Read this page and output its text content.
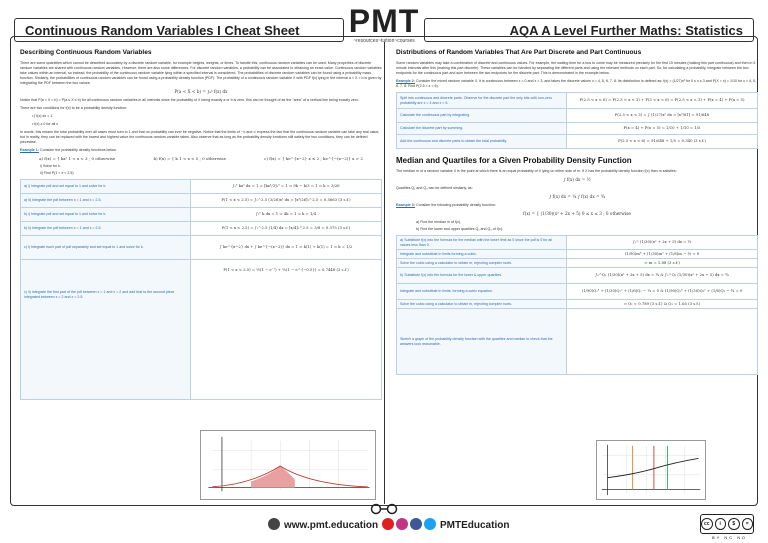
Continuous Random Variables I Cheat Sheet	AQA A Level Further Maths: Statistics
PMT
~resources~tuition~courses
Describing Continuous Random Variables

There are some quantities which cannot be described accurately by a discrete random variable, for example heights, weights, or times. To handle this, continuous random variables can be used. Many properties of discrete random variables are shared with continuous random variables. However, there are also some differences. For discrete random variables, a probability can be associated to obtaining an exact value. Continuous random variables take values within an interval, so instead, the probability of the continuous random variable lying within a specified interval is considered. The probabilities of discrete random variables can be found using a probability mass function. Similarly, the probabilities of continuous random variables can be found using a probability density function (PDF). The probability of a continuous random variable X with PDF f(x) lying in the interval a < X < b is given by integrating the PDF between the two values:

P(a < X < b) = ∫ₐᵇ f(x) dx

Notice that P(a < X < b) = P(a ≤ X ≤ b) for all continuous random variables in all intervals since the probability of X being exactly a or b is zero, this can be thought of as the "area" of a vertical line being exactly zero.

There are two conditions for f(x) to be a probability density function:

• ∫ f(x) dx = 1

• f(x) ≥ 0 for all x

In words, this means the total probability over all cases must sum to 1 and that no probability can ever be negative. Notice that the limits of −∞ and ∞ express the fact that the continuous random variable can take any real value, but in reality, they can be replaced with the lowest and highest value the continuous random variable takes. Also observe that as long as the probability density functions still satisfy the two conditions, they can be defined piecewise.

Example 1: Consider the probability density functions below.

a) f(x) = { kx² 1 < x < 3 ; 0 otherwise	b) f(x) = { k 1 < x < 5 ; 0 otherwise	c) f(x) = { ke^{x−2} x ≤ 2 ; ke^{−(x−2)} x > 2
i) Solve for k.
ii) Find P(1 < x < 2.5)
a) i) Integrate pdf and set equal to 1 and solve for k.	∫₁³ kx² dx = 1 ⇒ [kx³/3]₁³ = 1 ⇒ 9k − k/3 = 1 ⇒ k = 3/26
a) ii) Integrate the pdf between x = 1 and x = 2.5.	P(1 < x < 2.5) = ∫₁^2.5 (3/26)x² dx = [x³/26]₁^2.5 = 0.5663 (3 s.f.)
b) i) Integrate pdf and set equal to 1 and solve for k.	∫₁⁵ k dx = 1 ⇒ 4k = 1 ⇒ k = 1/4
b) ii) Integrate the pdf between x = 1 and x = 2.5.	P(1 < x < 2.5) = ∫₁^2.5 (1/4) dx = [x/4]₁^2.5 = 3/8 = 0.375 (3 s.f.)
c) i) Integrate each part of pdf separately and set equal to 1 and solve for k.	∫ ke^{x−2} dx + ∫ ke^{−(x−2)} dx = 1 ⇒ k(1) + k(1) = 1 ⇒ k = 1/2
c) ii) Integrate the first part of the pdf between x = 1 and x = 2 and add that to the second piece integrated between x = 2 and x = 2.5.	P(1 < x < 2.5) = ½(1 − e⁻¹) + ½(1 − e^{−0.5}) = 0.7448 (3 s.f.)
Distributions of Random Variables That Are Part Discrete and Part Continuous

Some random variables may take a combination of discrete and continuous values. For example, the waiting time for a bus to come may be measured precisely for the first 15 minutes (making this part continuous) and then in 5 minute intervals after this (making this part discrete). These variables can be handled by separating the different parts and using the relevant methods on each part. So, for calculating a probability, integrate between the two endpoints for the continuous part and sum between the two endpoints for the discrete part. This is demonstrated in the example below.

Example 2: Consider the mixed random variable X. It is continuous between x = 0 and x = 3, and takes the discrete values x = 4, 5, 6, 7, 8. Its distribution is defined as: f(x) = (1/27)x² for 0 ≤ x ≤ 3 and P(X = x) = 1/10 for x = 4, 5, 6, 7, 8. Find P(2.5 < x < 6).

Split into continuous and discrete parts. Observe for the discrete part the only bits with non-zero probability are x = 4 and x = 5.	P(2.5 < x < 6) = P(2.5 < x < 3) + P(3 < x < 6) = P(2.5 < x < 3) + P(x = 4) + P(x = 5)
Calculate the continuous part by integrating.	P(2.5 < x < 3) = ∫ (1/27)x² dx = [x³/81] = 91/648
Calculate the discrete part by summing.	P(x = 4) + P(x = 5) = 1/10 + 1/10 = 1/5
Add the continuous and discrete parts to obtain the total probability.	P(2.5 < x < 6) = 91/648 + 1/5 = 0.340 (3 s.f.)
Median and Quartiles for a Given Probability Density Function

The median m of a random variable X is the point at which there is an equal probability of X lying on either side of m. If X has the probability density function f(x) then m satisfies:

∫ f(x) dx = ½

Quartiles Q₁ and Q₃ can be defined similarly, as:

∫ f(x) dx = ¼ ∫ f(x) dx = ¾

Example 3: Consider the following probability density function:

f(x) = { (1/30)(x² + 2x + 5) 0 ≤ x ≤ 3 ; 0 otherwise
a) Find the median m of f(x).
b) Find the lower and upper quartiles Q₁ and Q₃ of f(x).
a) Substitute f(x) into the formula for the median with the lower limit as 0 since the pdf is 0 for all values less than 0.	∫₀ᵐ (1/30)(x² + 2x + 5) dx = ½
Integrate and substitute in limits forming a cubic.	(1/90)m³ + (1/30)m² + (1/6)m − ½ = 0
Solve the cubic using a calculator to obtain m, rejecting complex roots.	⇒ m = 1.88 (3 s.f.)
b) Substitute f(x) into the formula for the lower & upper quartiles.	∫₀^Q₁ (1/30)(x² + 2x + 5) dx = ¼ & ∫₀^Q₃ (1/30)(x² + 2x + 5) dx = ¾
Integrate and substitute in limits, forming a cubic equation.	(1/90)Q₁³ + (1/30)Q₁² + (1/6)Q₁ − ¼ = 0 & (1/90)Q₃³ + (1/30)Q₃² + (1/6)Q₃ − ¾ = 0
Solve the cubic using a calculator to obtain m, rejecting complex roots.	⇒ Q₁ = 0.789 (3 s.f.) & Q₃ = 1.65 (3 s.f.)
Sketch a graph of the probability density function with the quartiles and median to check that the answers look reasonable.	
www.pmt.education	PMTEducation	cc	i	$	=
BY NC ND
